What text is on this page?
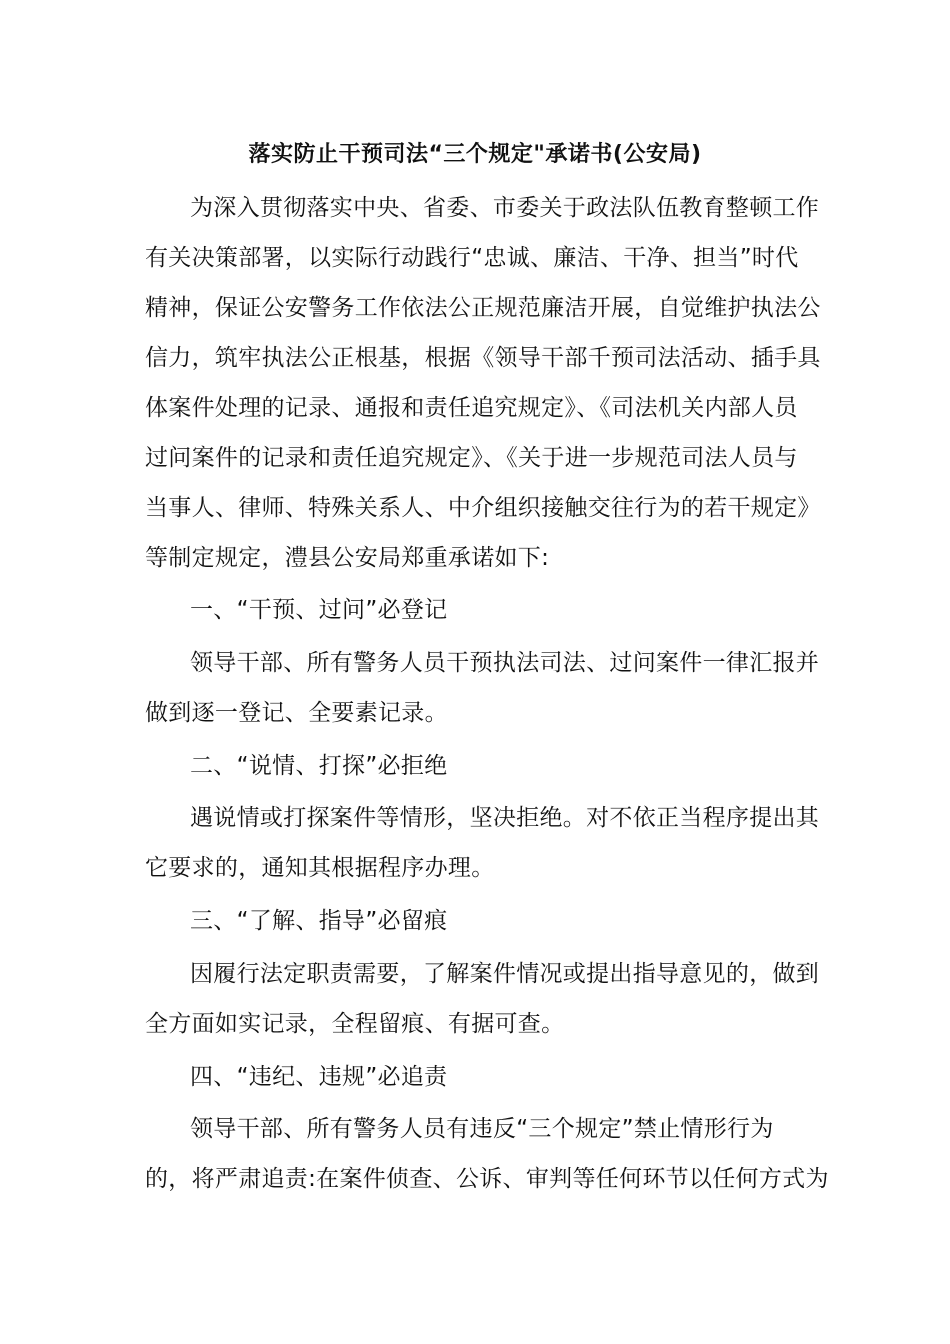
落实防止干预司法“三个规定"承诺书(公安局)
为深入贯彻落实中央、省委、市委关于政法队伍教育整顿工作
有关决策部署，以实际行动践行“忠诚、廉洁、干净、担当”时代
精神，保证公安警务工作依法公正规范廉洁开展，自觉维护执法公
信力，筑牢执法公正根基，根据《领导干部千预司法活动、插手具
体案件处理的记录、通报和责任追究规定》、《司法机关内部人员
过问案件的记录和责任追究规定》、《关于进一步规范司法人员与
当事人、律师、特殊关系人、中介组织接触交往行为的若干规定》
等制定规定，澧县公安局郑重承诺如下:
一、“干预、过问”必登记
领导干部、所有警务人员干预执法司法、过问案件一律汇报并
做到逐一登记、全要素记录。
二、“说情、打探”必拒绝
遇说情或打探案件等情形，坚决拒绝。对不依正当程序提出其
它要求的，通知其根据程序办理。
三、“了解、指导”必留痕
因履行法定职责需要，了解案件情况或提出指导意见的，做到
全方面如实记录，全程留痕、有据可查。
四、“违纪、违规”必追责
领导干部、所有警务人员有违反“三个规定”禁止情形行为
的，将严肃追责:在案件侦查、公诉、审判等任何环节以任何方式为
